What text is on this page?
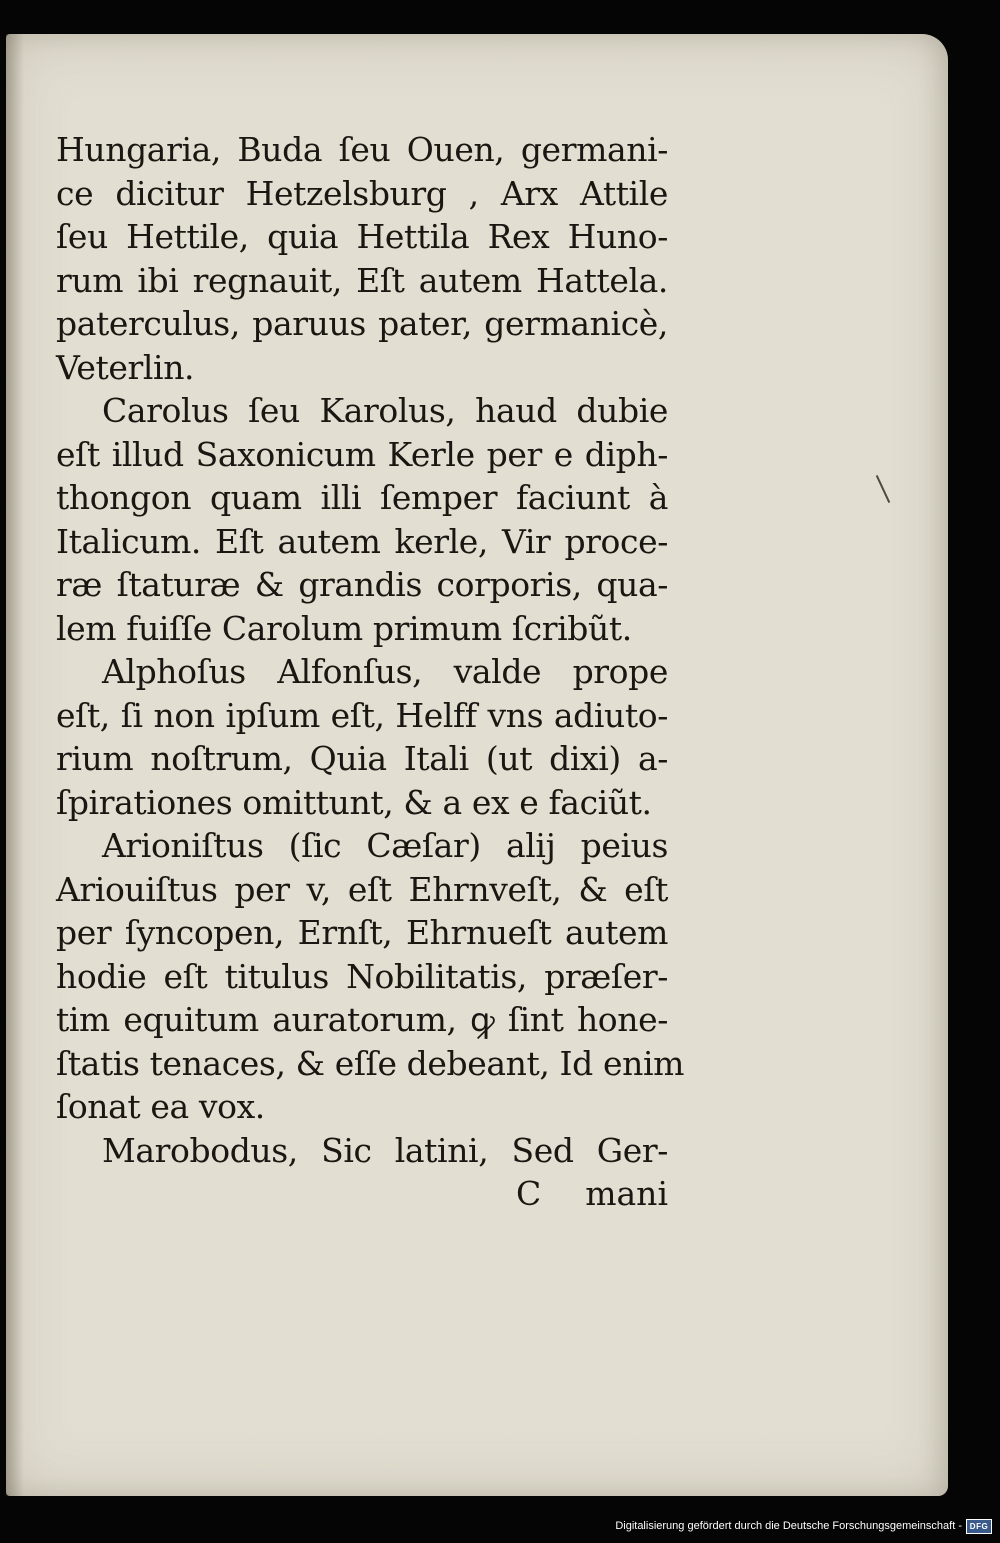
Hungaria, Buda ſeu Ouen, germani-
ce dicitur Hetzelsburg , Arx Attile
ſeu Hettile, quia Hettila Rex Huno-
rum ibi regnauit, Eſt autem Hattela.
paterculus, paruus pater, germanicè,
Veterlin.
Carolus ſeu Karolus, haud dubie
eſt illud Saxonicum Kerle per e diph-
thongon quam illi ſemper faciunt à
Italicum. Eſt autem kerle, Vir proce-
ræ ſtaturæ & grandis corporis, qua-
lem fuiſſe Carolum primum ſcribũt.
Alphoſus Alfonſus, valde prope
eſt, ſi non ipſum eſt, Helff vns adiuto-
rium noſtrum, Quia Itali (ut dixi) a-
ſpirationes omittunt, & a ex e faciũt.
Arioniſtus (ſic Cæſar) alij peius
Ariouiſtus per v, eſt Ehrnveſt, & eſt
per ſyncopen, Ernſt, Ehrnueſt autem
hodie eſt titulus Nobilitatis, præſer-
tim equitum auratorum, ꝙ ſint hone-
ſtatis tenaces, & eſſe debeant, Id enim
ſonat ea vox.
Marobodus, Sic latini, Sed Ger-
C mani
Digitalisierung gefördert durch die Deutsche Forschungsgemeinschaft - DFG
